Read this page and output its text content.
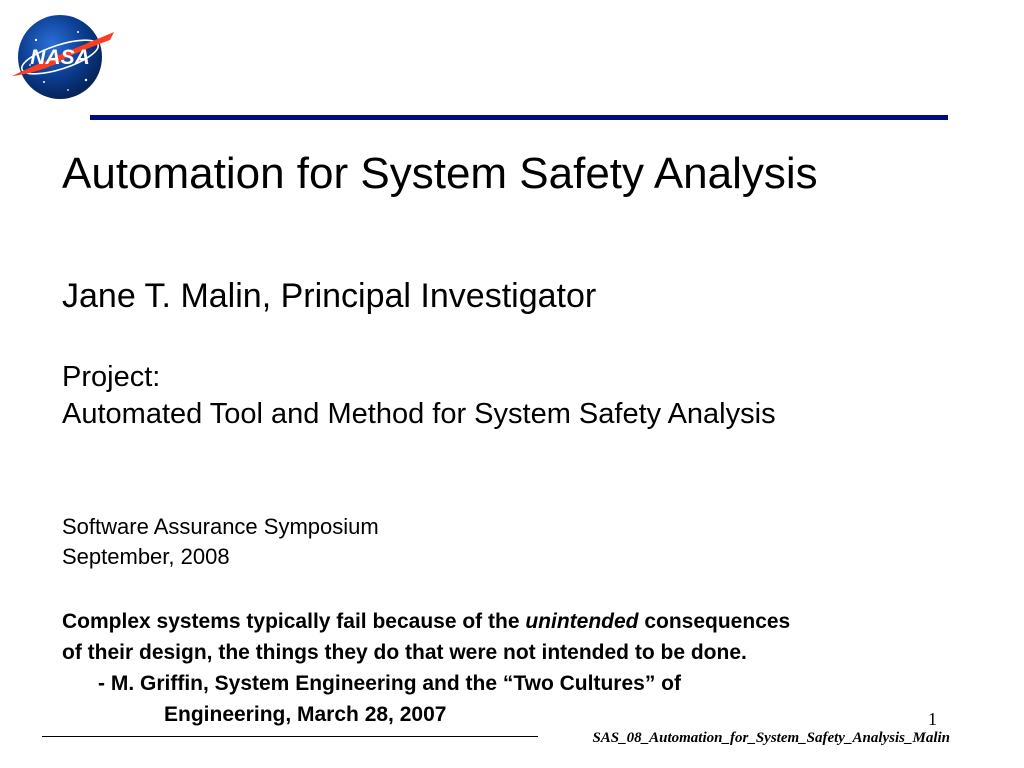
NASA
Automation for System Safety Analysis
Jane T. Malin, Principal Investigator
Project:
Automated Tool and Method for System Safety Analysis
Software Assurance Symposium
September, 2008
Complex systems typically fail because of the unintended consequences
of their design, the things they do that were not intended to be done.
- M. Griffin, System Engineering and the “Two Cultures” of
Engineering, March 28, 2007	1
SAS_08_Automation_for_System_Safety_Analysis_Malin
